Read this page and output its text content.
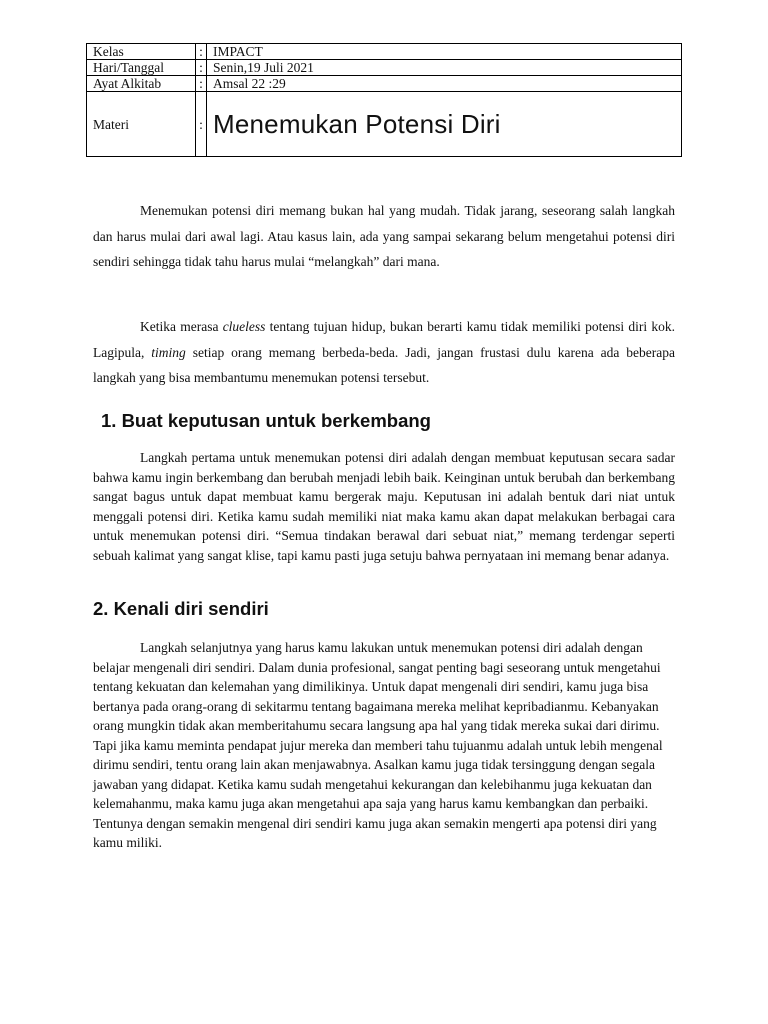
Kelas	:	IMPACT
Hari/Tanggal	:	Senin,19 Juli 2021
Ayat Alkitab	:	Amsal 22 :29
Materi	:	Menemukan Potensi Diri

Menemukan potensi diri memang bukan hal yang mudah. Tidak jarang, seseorang salah langkah dan harus mulai dari awal lagi. Atau kasus lain, ada yang sampai sekarang belum mengetahui potensi diri sendiri sehingga tidak tahu harus mulai “melangkah” dari mana.

Ketika merasa clueless tentang tujuan hidup, bukan berarti kamu tidak memiliki potensi diri kok. Lagipula, timing setiap orang memang berbeda-beda. Jadi, jangan frustasi dulu karena ada beberapa langkah yang bisa membantumu menemukan potensi tersebut.

1. Buat keputusan untuk berkembang

Langkah pertama untuk menemukan potensi diri adalah dengan membuat keputusan secara sadar bahwa kamu ingin berkembang dan berubah menjadi lebih baik. Keinginan untuk berubah dan berkembang sangat bagus untuk dapat membuat kamu bergerak maju. Keputusan ini adalah bentuk dari niat untuk menggali potensi diri. Ketika kamu sudah memiliki niat maka kamu akan dapat melakukan berbagai cara untuk menemukan potensi diri. “Semua tindakan berawal dari sebuat niat,” memang terdengar seperti sebuah kalimat yang sangat klise, tapi kamu pasti juga setuju bahwa pernyataan ini memang benar adanya.

2. Kenali diri sendiri

Langkah selanjutnya yang harus kamu lakukan untuk menemukan potensi diri adalah dengan belajar mengenali diri sendiri. Dalam dunia profesional, sangat penting bagi seseorang untuk mengetahui tentang kekuatan dan kelemahan yang dimilikinya. Untuk dapat mengenali diri sendiri, kamu juga bisa bertanya pada orang-orang di sekitarmu tentang bagaimana mereka melihat kepribadianmu. Kebanyakan orang mungkin tidak akan memberitahumu secara langsung apa hal yang tidak mereka sukai dari dirimu. Tapi jika kamu meminta pendapat jujur mereka dan memberi tahu tujuanmu adalah untuk lebih mengenal dirimu sendiri, tentu orang lain akan menjawabnya. Asalkan kamu juga tidak tersinggung dengan segala jawaban yang didapat. Ketika kamu sudah mengetahui kekurangan dan kelebihanmu juga kekuatan dan kelemahanmu, maka kamu juga akan mengetahui apa saja yang harus kamu kembangkan dan perbaiki. Tentunya dengan semakin mengenal diri sendiri kamu juga akan semakin mengerti apa potensi diri yang kamu miliki.
